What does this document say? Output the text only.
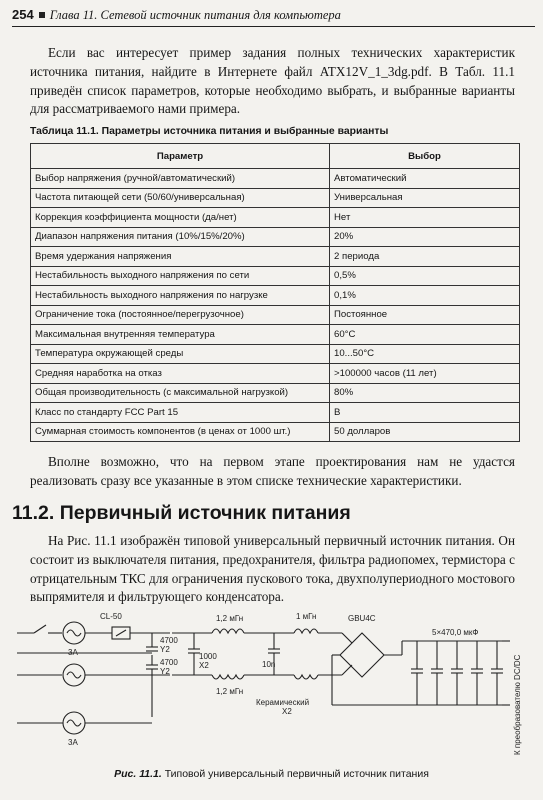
254 Глава 11. Сетевой источник питания для компьютера

Если вас интересует пример задания полных технических характеристик источника питания, найдите в Интернете файл ATX12V_1_3dg.pdf. В Табл. 11.1 приведён список параметров, которые необходимо выбрать, и выбранные варианты для рассматриваемого нами примера.

Таблица 11.1. Параметры источника питания и выбранные варианты
Параметр	Выбор
Выбор напряжения (ручной/автоматический)	Автоматический
Частота питающей сети (50/60/универсальная)	Универсальная
Коррекция коэффициента мощности (да/нет)	Нет
Диапазон напряжения питания (10%/15%/20%)	20%
Время удержания напряжения	2 периода
Нестабильность выходного напряжения по сети	0,5%
Нестабильность выходного напряжения по нагрузке	0,1%
Ограничение тока (постоянное/перегрузочное)	Постоянное
Максимальная внутренняя температура	60°C
Температура окружающей среды	10...50°C
Средняя наработка на отказ	>100000 часов (11 лет)
Общая производительность (с максимальной нагрузкой)	80%
Класс по стандарту FCC Part 15	B
Суммарная стоимость компонентов (в ценах от 1000 шт.)	50 долларов

Вполне возможно, что на первом этапе проектирования нам не удастся реализовать сразу все указанные в этом списке технические характеристики.

11.2. Первичный источник питания

На Рис. 11.1 изображён типовой универсальный первичный источник питания. Он состоит из выключателя питания, предохранителя, фильтра радиопомех, термистора с отрицательным ТКС для ограничения пускового тока, двухполупериодного мостового выпрямителя и фильтрующего конденсатора.

CL-50
3A
3A
4700
Y2
4700
Y2
1000
X2
1,2 мГн
1,2 мГн
1 мГн
10n
Керамический
X2
GBU4C
5×470,0 мкФ
К преобразователю DC/DC
Рис. 11.1. Типовой универсальный первичный источник питания
